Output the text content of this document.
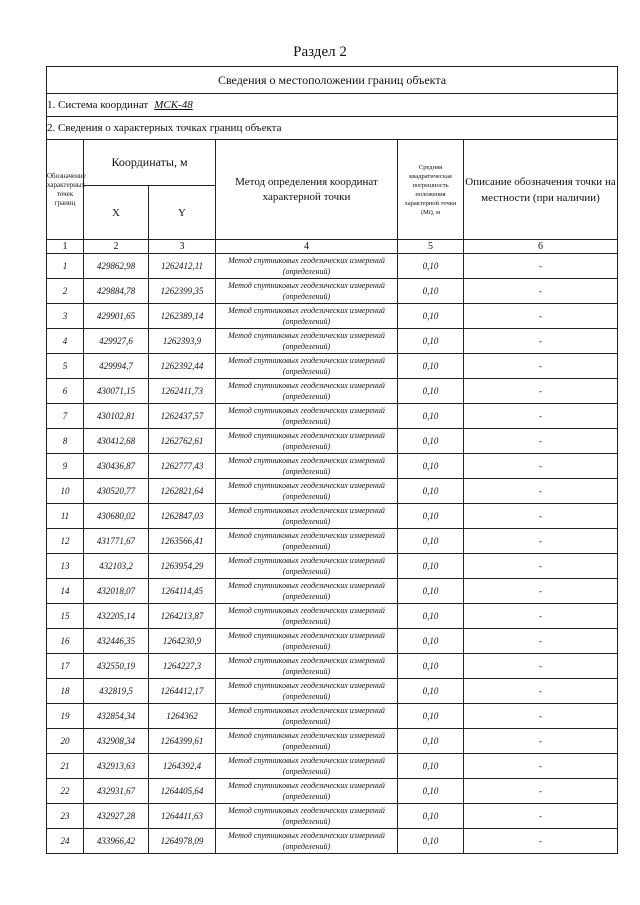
Раздел 2
Сведения о местоположении границ объекта					
1. Система координат МСК-48					
2. Сведения о характерных точках границ объекта					
Обозначение характерных точек границ	Координаты, м		Метод определения координат характерной точки	Средняя квадратическая погрешность положения характерной точки (Mt), м	Описание обозначения точки на местности (при наличии)
	X	Y			
1	2	3	4	5	6
1	429862,98	1262412,11	Метод спутниковых геодезических измерений (определений)	0,10	-
2	429884,78	1262399,35	Метод спутниковых геодезических измерений (определений)	0,10	-
3	429901,65	1262389,14	Метод спутниковых геодезических измерений (определений)	0,10	-
4	429927,6	1262393,9	Метод спутниковых геодезических измерений (определений)	0,10	-
5	429994,7	1262392,44	Метод спутниковых геодезических измерений (определений)	0,10	-
6	430071,15	1262411,73	Метод спутниковых геодезических измерений (определений)	0,10	-
7	430102,81	1262437,57	Метод спутниковых геодезических измерений (определений)	0,10	-
8	430412,68	1262762,61	Метод спутниковых геодезических измерений (определений)	0,10	-
9	430436,87	1262777,43	Метод спутниковых геодезических измерений (определений)	0,10	-
10	430520,77	1262821,64	Метод спутниковых геодезических измерений (определений)	0,10	-
11	430680,02	1262847,03	Метод спутниковых геодезических измерений (определений)	0,10	-
12	431771,67	1263566,41	Метод спутниковых геодезических измерений (определений)	0,10	-
13	432103,2	1263954,29	Метод спутниковых геодезических измерений (определений)	0,10	-
14	432018,07	1264114,45	Метод спутниковых геодезических измерений (определений)	0,10	-
15	432205,14	1264213,87	Метод спутниковых геодезических измерений (определений)	0,10	-
16	432446,35	1264230,9	Метод спутниковых геодезических измерений (определений)	0,10	-
17	432550,19	1264227,3	Метод спутниковых геодезических измерений (определений)	0,10	-
18	432819,5	1264412,17	Метод спутниковых геодезических измерений (определений)	0,10	-
19	432854,34	1264362	Метод спутниковых геодезических измерений (определений)	0,10	-
20	432908,34	1264399,61	Метод спутниковых геодезических измерений (определений)	0,10	-
21	432913,63	1264392,4	Метод спутниковых геодезических измерений (определений)	0,10	-
22	432931,67	1264405,64	Метод спутниковых геодезических измерений (определений)	0,10	-
23	432927,28	1264411,63	Метод спутниковых геодезических измерений (определений)	0,10	-
24	433966,42	1264978,09	Метод спутниковых геодезических измерений (определений)	0,10	-
